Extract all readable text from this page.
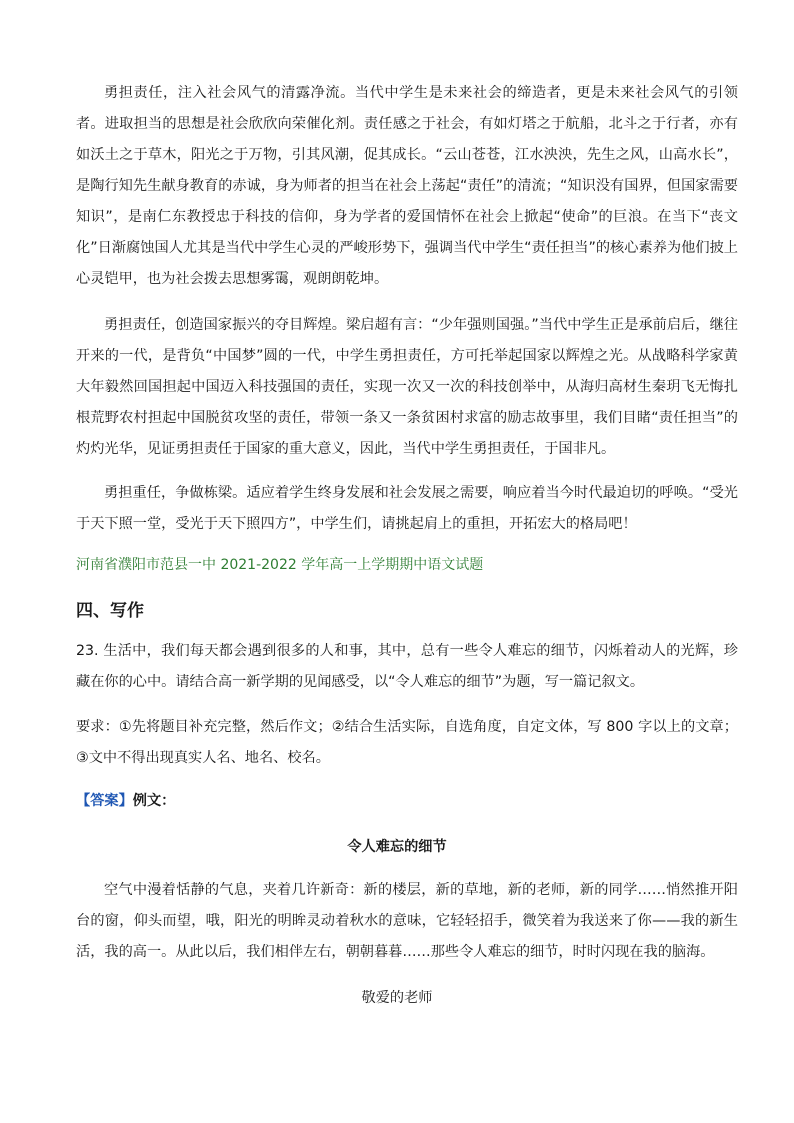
勇担责任，注入社会风气的清露净流。当代中学生是未来社会的缔造者，更是未来社会风气的引领者。进取担当的思想是社会欣欣向荣催化剂。责任感之于社会，有如灯塔之于航船，北斗之于行者，亦有如沃土之于草木，阳光之于万物，引其风潮，促其成长。“云山苍苍，江水泱泱，先生之风，山高水长”，是陶行知先生献身教育的赤诚，身为师者的担当在社会上荡起“责任”的清流；“知识没有国界，但国家需要知识”，是南仁东教授忠于科技的信仰，身为学者的爱国情怀在社会上掀起“使命”的巨浪。在当下“丧文化”日渐腐蚀国人尤其是当代中学生心灵的严峻形势下，强调当代中学生“责任担当”的核心素养为他们披上心灵铠甲，也为社会拨去思想雾霭，观朗朗乾坤。

勇担责任，创造国家振兴的夺目辉煌。梁启超有言：“少年强则国强。”当代中学生正是承前启后，继往开来的一代，是背负“中国梦”圆的一代，中学生勇担责任，方可托举起国家以辉煌之光。从战略科学家黄大年毅然回国担起中国迈入科技强国的责任，实现一次又一次的科技创举中，从海归高材生秦玥飞无悔扎根荒野农村担起中国脱贫攻坚的责任，带领一条又一条贫困村求富的励志故事里，我们目睹“责任担当”的灼灼光华，见证勇担责任于国家的重大意义，因此，当代中学生勇担责任，于国非凡。

勇担重任，争做栋梁。适应着学生终身发展和社会发展之需要，响应着当今时代最迫切的呼唤。“受光于天下照一堂，受光于天下照四方”，中学生们，请挑起肩上的重担，开拓宏大的格局吧！

河南省濮阳市范县一中 2021-2022 学年高一上学期期中语文试题

四、写作

23. 生活中，我们每天都会遇到很多的人和事，其中，总有一些令人难忘的细节，闪烁着动人的光辉，珍藏在你的心中。请结合高一新学期的见闻感受，以“令人难忘的细节”为题，写一篇记叙文。

要求：①先将题目补充完整，然后作文；②结合生活实际，自选角度，自定文体，写 800 字以上的文章；③文中不得出现真实人名、地名、校名。

【答案】例文：

令人难忘的细节

空气中漫着恬静的气息，夹着几许新奇：新的楼层，新的草地，新的老师，新的同学……悄然推开阳台的窗，仰头而望，哦，阳光的明眸灵动着秋水的意味，它轻轻招手，微笑着为我送来了你——我的新生活，我的高一。从此以后，我们相伴左右，朝朝暮暮……那些令人难忘的细节，时时闪现在我的脑海。

敬爱的老师
